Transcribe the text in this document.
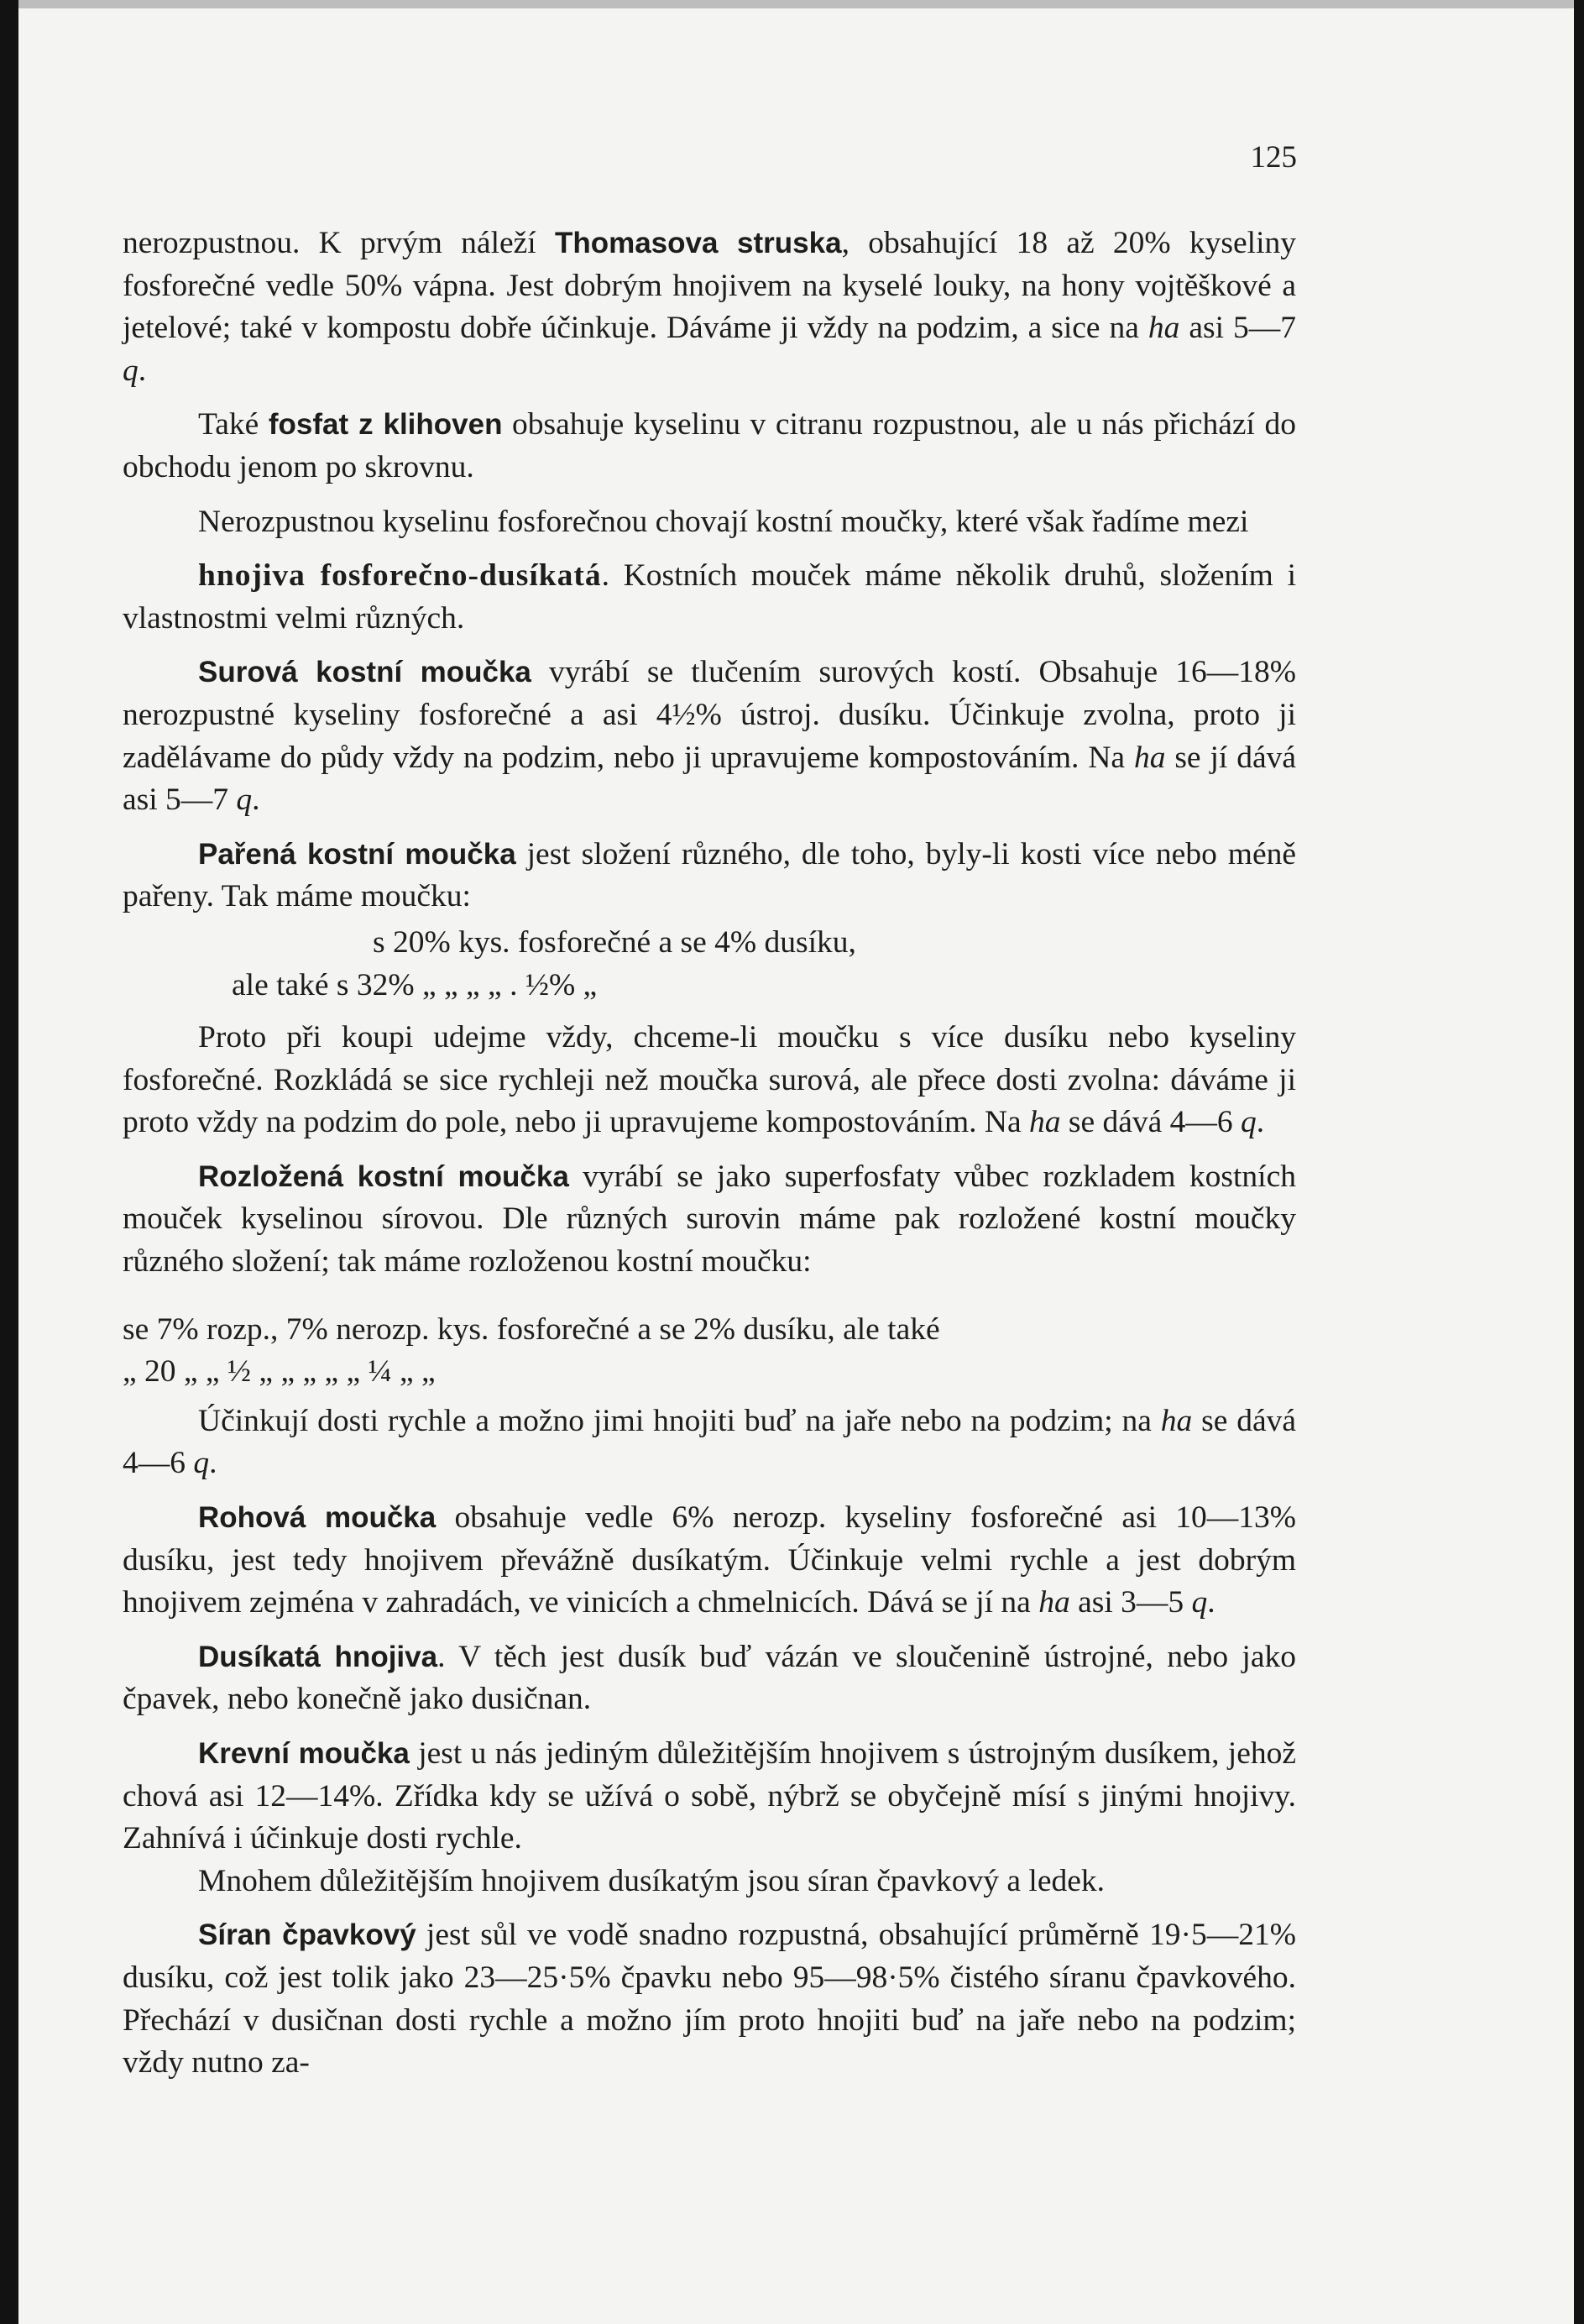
125

nerozpustnou. K prvým náleží Thomasova struska, obsahující 18 až 20% kyseliny fosforečné vedle 50% vápna. Jest dobrým hnojivem na kyselé louky, na hony vojtěškové a jetelové; také v kompostu dobře účinkuje. Dáváme ji vždy na podzim, a sice na ha asi 5—7 q.

Také fosfat z klihoven obsahuje kyselinu v citranu rozpustnou, ale u nás přichází do obchodu jenom po skrovnu.

Nerozpustnou kyselinu fosforečnou chovají kostní moučky, které však řadíme mezi

hnojiva fosforečno-dusíkatá. Kostních mouček máme několik druhů, složením i vlastnostmi velmi různých.

Surová kostní moučka vyrábí se tlučením surových kostí. Obsahuje 16—18% nerozpustné kyseliny fosforečné a asi 4½% ústroj. dusíku. Účinkuje zvolna, proto ji zadělávame do půdy vždy na podzim, nebo ji upravujeme kompostováním. Na ha se jí dává asi 5—7 q.

Pařená kostní moučka jest složení různého, dle toho, byly-li kosti více nebo méně pařeny. Tak máme moučku:

s 20% kys. fosforečné a se 4% dusíku,
ale také s 32% „ „ „ „ . ½% „

Proto při koupi udejme vždy, chceme-li moučku s více dusíku nebo kyseliny fosforečné. Rozkládá se sice rychleji než moučka surová, ale přece dosti zvolna: dáváme ji proto vždy na podzim do pole, nebo ji upravujeme kompostováním. Na ha se dává 4—6 q.

Rozložená kostní moučka vyrábí se jako superfosfaty vůbec rozkladem kostních mouček kyselinou sírovou. Dle různých surovin máme pak rozložené kostní moučky různého složení; tak máme rozloženou kostní moučku:

se 7% rozp., 7% nerozp. kys. fosforečné a se 2% dusíku, ale také
„ 20 „ „ ½ „ „ „ „ „ ¼ „ „

Účinkují dosti rychle a možno jimi hnojiti buď na jaře nebo na podzim; na ha se dává 4—6 q.

Rohová moučka obsahuje vedle 6% nerozp. kyseliny fosforečné asi 10—13% dusíku, jest tedy hnojivem převážně dusíkatým. Účinkuje velmi rychle a jest dobrým hnojivem zejména v zahradách, ve vinicích a chmelnicích. Dává se jí na ha asi 3—5 q.

Dusíkatá hnojiva. V těch jest dusík buď vázán ve sloučenině ústrojné, nebo jako čpavek, nebo konečně jako dusičnan.

Krevní moučka jest u nás jediným důležitějším hnojivem s ústrojným dusíkem, jehož chová asi 12—14%. Zřídka kdy se užívá o sobě, nýbrž se obyčejně mísí s jinými hnojivy. Zahnívá i účinkuje dosti rychle.

Mnohem důležitějším hnojivem dusíkatým jsou síran čpavkový a ledek.

Síran čpavkový jest sůl ve vodě snadno rozpustná, obsahující průměrně 19·5—21% dusíku, což jest tolik jako 23—25·5% čpavku nebo 95—98·5% čistého síranu čpavkového. Přechází v dusičnan dosti rychle a možno jím proto hnojiti buď na jaře nebo na podzim; vždy nutno za-
